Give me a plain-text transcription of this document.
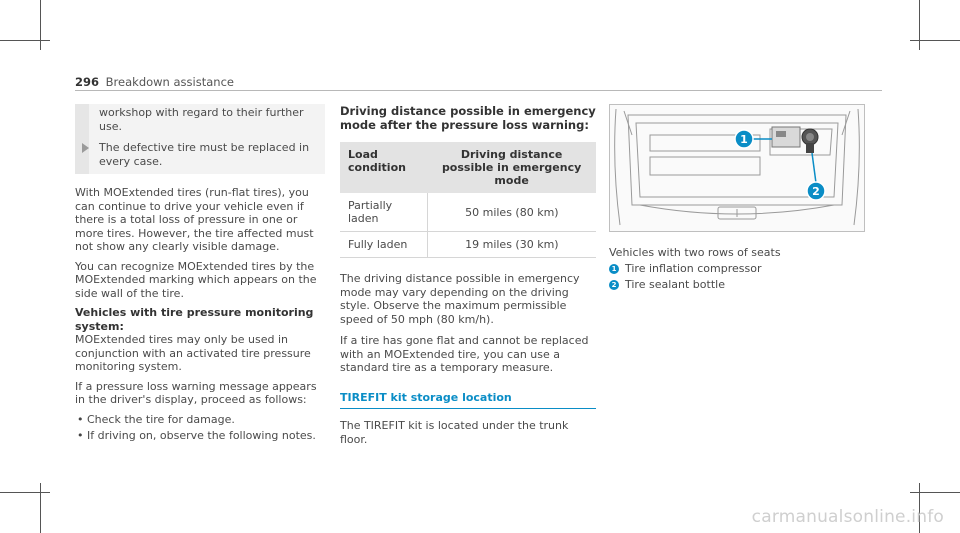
296 Breakdown assistance

workshop with regard to their further use.

The defective tire must be replaced in every case.

With MOExtended tires (run-flat tires), you can continue to drive your vehicle even if there is a total loss of pressure in one or more tires. However, the tire affected must not show any clearly visible damage.

You can recognize MOExtended tires by the MOExtended marking which appears on the side wall of the tire.

Vehicles with tire pressure monitoring system:

MOExtended tires may only be used in conjunction with an activated tire pressure monitoring system.

If a pressure loss warning message appears in the driver's display, proceed as follows:

• Check the tire for damage.
• If driving on, observe the following notes.
Driving distance possible in emergency mode after the pressure loss warning:
Load condition	Driving distance possible in emergency mode
Partially laden	50 miles (80 km)
Fully laden	19 miles (30 km)

The driving distance possible in emergency mode may vary depending on the driving style. Observe the maximum permissible speed of 50 mph (80 km/h).

If a tire has gone flat and cannot be replaced with an MOExtended tire, you can use a standard tire as a temporary measure.

TIREFIT kit storage location

The TIREFIT kit is located under the trunk floor.

1
2
Vehicles with two rows of seats
1 Tire inflation compressor
2 Tire sealant bottle
carmanualsonline.info
